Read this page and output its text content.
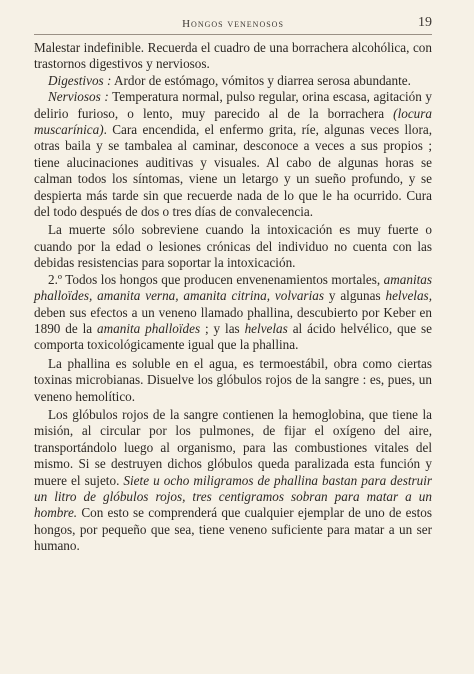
Hongos venenosos	19

Malestar indefinible. Recuerda el cuadro de una borrachera alcohólica, con trastornos digestivos y nerviosos.

Digestivos : Ardor de estómago, vómitos y diarrea serosa abundante.

Nerviosos : Temperatura normal, pulso regular, orina escasa, agitación y delirio furioso, o lento, muy parecido al de la borrachera (locura muscarínica). Cara encendida, el enfermo grita, ríe, algunas veces llora, otras baila y se tambalea al caminar, desconoce a veces a sus propios ; tiene alucinaciones auditivas y visuales. Al cabo de algunas horas se calman todos los síntomas, viene un letargo y un sueño profundo, y se despierta más tarde sin que recuerde nada de lo que le ha ocurrido. Cura del todo después de dos o tres días de convalecencia.

La muerte sólo sobreviene cuando la intoxicación es muy fuerte o cuando por la edad o lesiones crónicas del individuo no cuenta con las debidas resistencias para soportar la intoxicación.

2.º Todos los hongos que producen envenenamientos mortales, amanitas phalloïdes, amanita verna, amanita citrina, volvarias y algunas helvelas, deben sus efectos a un veneno llamado phallina, descubierto por Keber en 1890 de la amanita phalloïdes ; y las helvelas al ácido helvélico, que se comporta toxicológicamente igual que la phallina.

La phallina es soluble en el agua, es termoestábil, obra como ciertas toxinas microbianas. Disuelve los glóbulos rojos de la sangre : es, pues, un veneno hemolítico.

Los glóbulos rojos de la sangre contienen la hemoglobina, que tiene la misión, al circular por los pulmones, de fijar el oxígeno del aire, transportándolo luego al organismo, para las combustiones vitales del mismo. Si se destruyen dichos glóbulos queda paralizada esta función y muere el sujeto. Siete u ocho miligramos de phallina bastan para destruir un litro de glóbulos rojos, tres centigramos sobran para matar a un hombre. Con esto se comprenderá que cualquier ejemplar de uno de estos hongos, por pequeño que sea, tiene veneno suficiente para matar a un ser humano.
